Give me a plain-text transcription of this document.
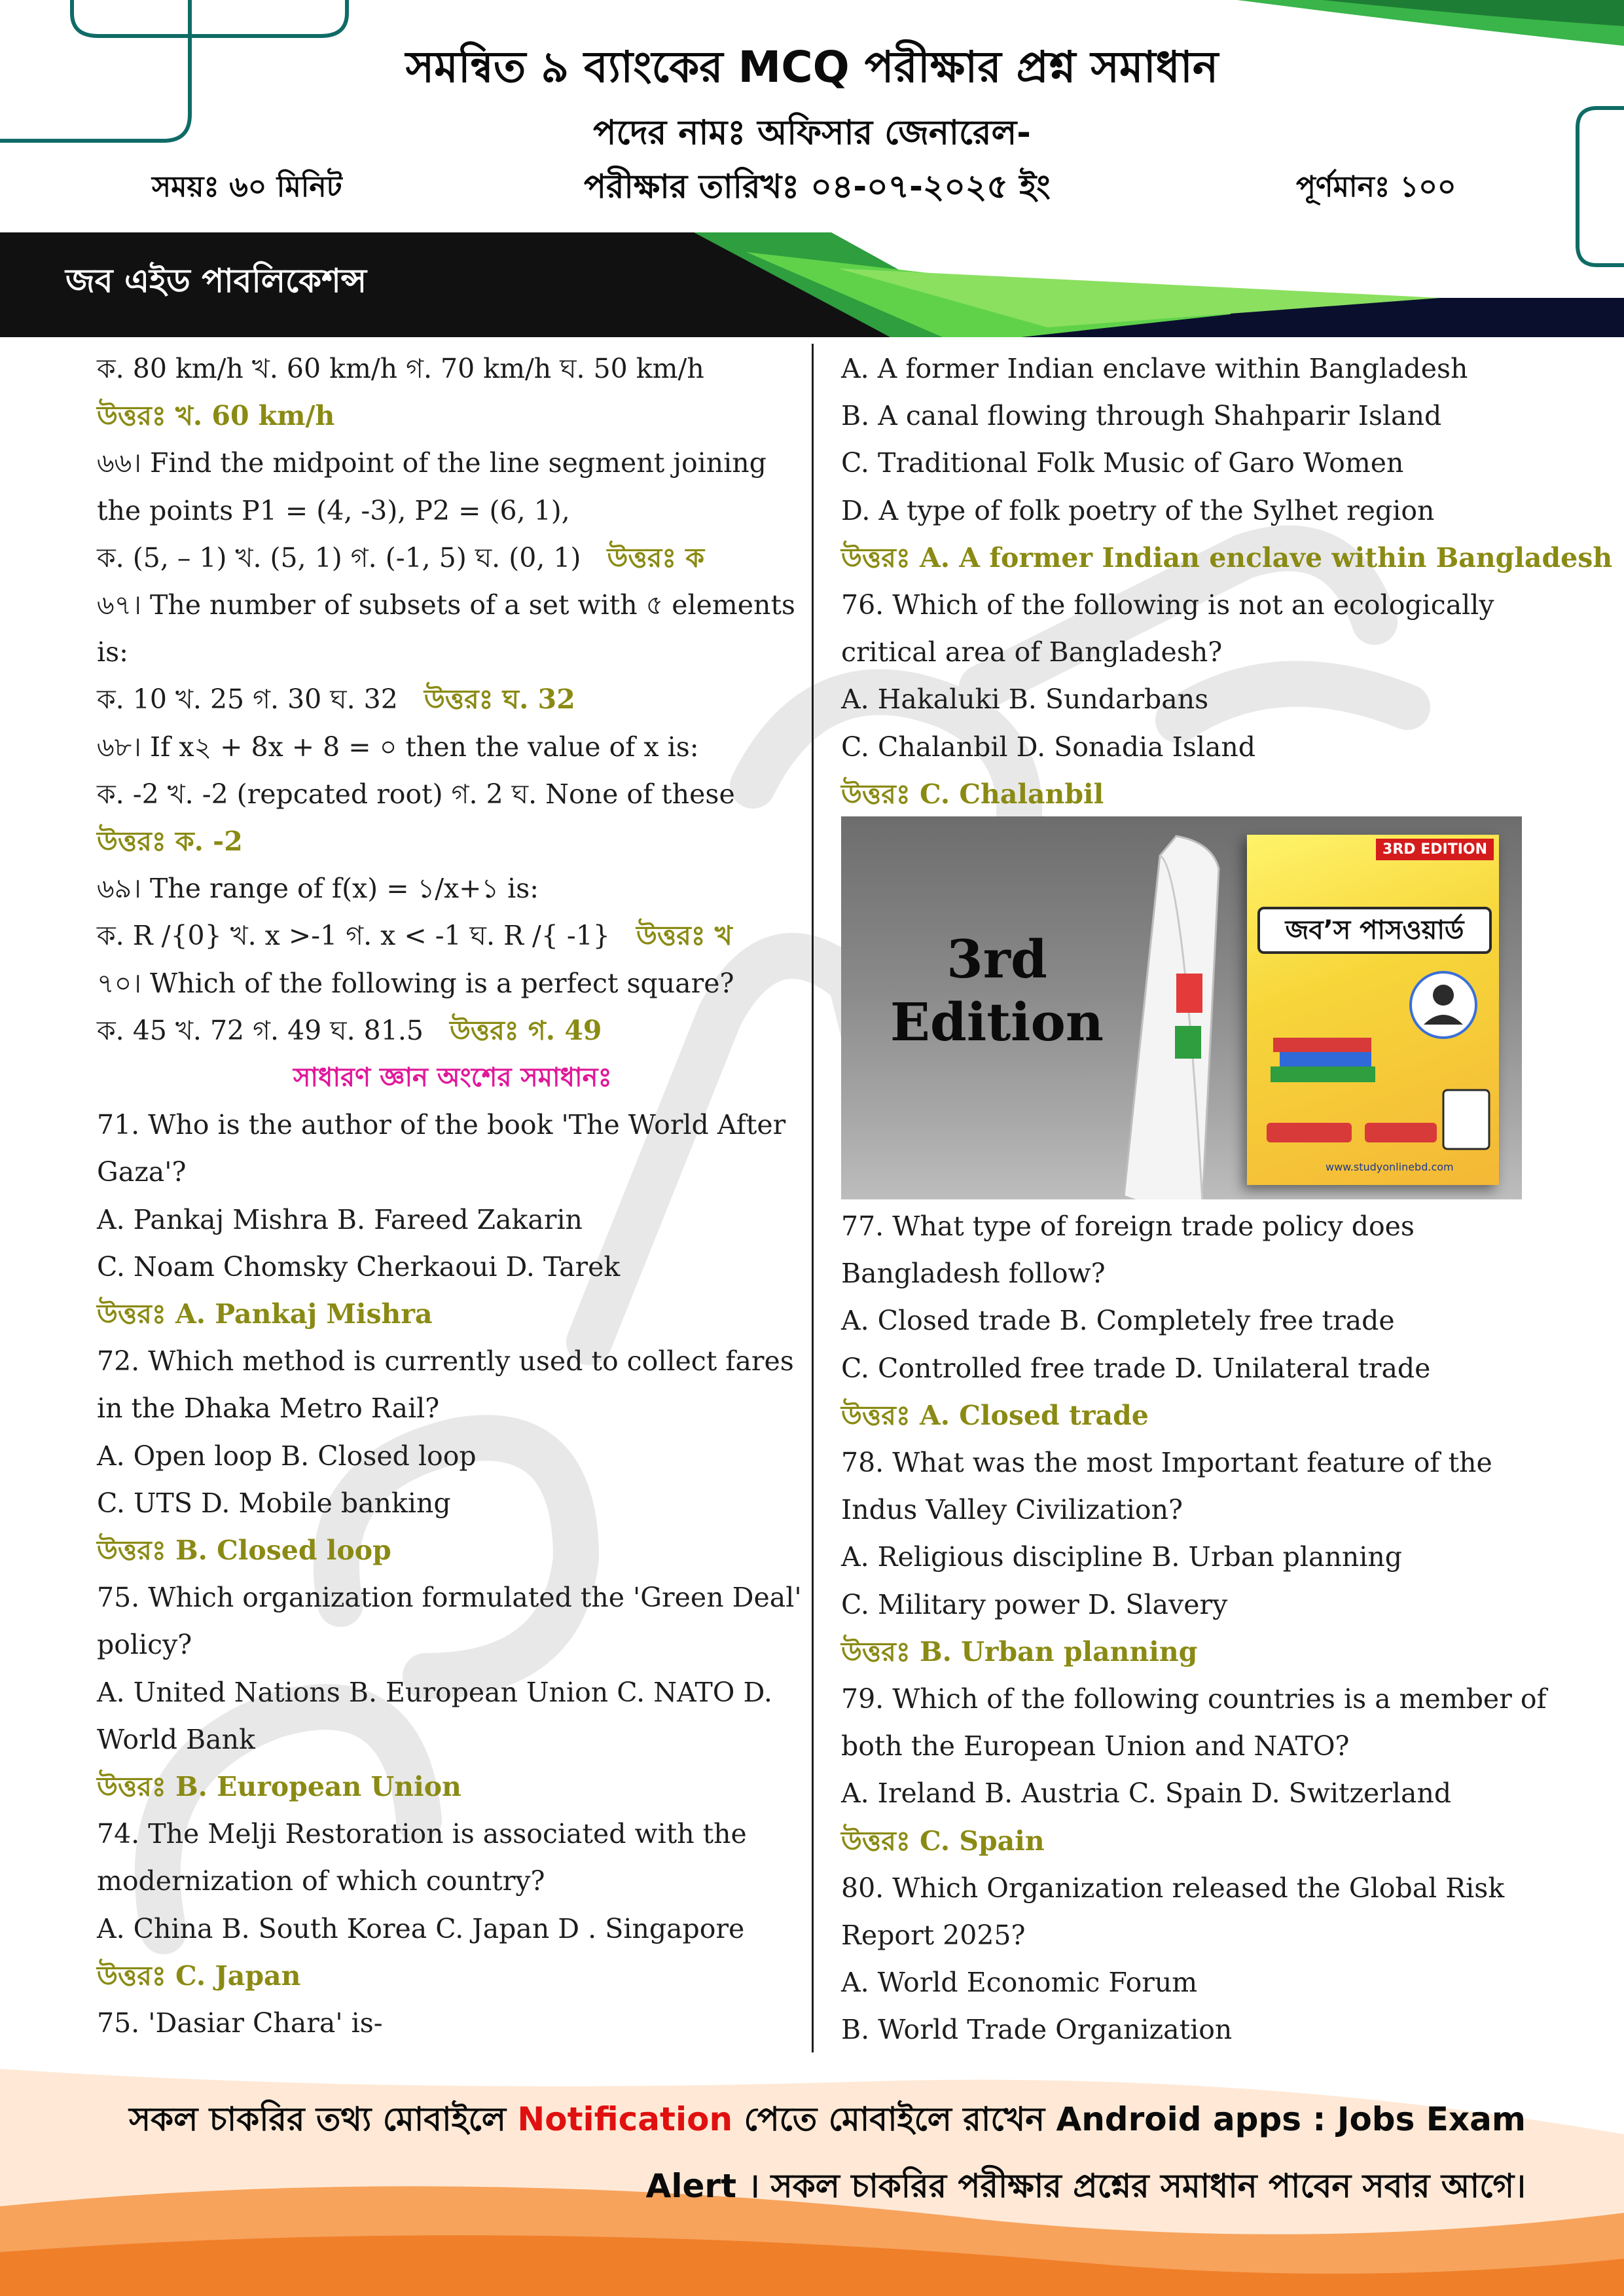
সমন্বিত ৯ ব্যাংকের MCQ পরীক্ষার প্রশ্ন সমাধান
পদের নামঃ অফিসার জেনারেল-
সময়ঃ ৬০ মিনিট	পরীক্ষার তারিখঃ ০৪-০৭-২০২৫ ইং	পূর্ণমানঃ ১০০
জব এইড পাবলিকেশন্স
ক. 80 km/h খ. 60 km/h গ. 70 km/h ঘ. 50 km/h
উত্তরঃ খ. 60 km/h
৬৬। Find the midpoint of the line segment joining
the points P1 = (4, -3), P2 = (6, 1),
ক. (5, – 1) খ. (5, 1) গ. (-1, 5) ঘ. (0, 1) উত্তরঃ ক
৬৭। The number of subsets of a set with ৫ elements
is:
ক. 10 খ. 25 গ. 30 ঘ. 32 উত্তরঃ ঘ. 32
৬৮। If x২ + 8x + 8 = ০ then the value of x is:
ক. -2 খ. -2 (repcated root) গ. 2 ঘ. None of these
উত্তরঃ ক. -2
৬৯। The range of f(x) = ১/x+১ is:
ক. R /{0} খ. x >-1 গ. x < -1 ঘ. R /{ -1} উত্তরঃ খ
৭০। Which of the following is a perfect square?
ক. 45 খ. 72 গ. 49 ঘ. 81.5 উত্তরঃ গ. 49
সাধারণ জ্ঞান অংশের সমাধানঃ
71. Who is the author of the book 'The World After
Gaza'?
A. Pankaj Mishra B. Fareed Zakarin
C. Noam Chomsky Cherkaoui D. Tarek
উত্তরঃ A. Pankaj Mishra
72. Which method is currently used to collect fares
in the Dhaka Metro Rail?
A. Open loop B. Closed loop
C. UTS D. Mobile banking
উত্তরঃ B. Closed loop
75. Which organization formulated the 'Green Deal'
policy?
A. United Nations B. European Union C. NATO D.
World Bank
উত্তরঃ B. European Union
74. The Melji Restoration is associated with the
modernization of which country?
A. China B. South Korea C. Japan D . Singapore
উত্তরঃ C. Japan
75. 'Dasiar Chara' is-
A. A former Indian enclave within Bangladesh
B. A canal flowing through Shahparir Island
C. Traditional Folk Music of Garo Women
D. A type of folk poetry of the Sylhet region
উত্তরঃ A. A former Indian enclave within Bangladesh
76. Which of the following is not an ecologically
critical area of Bangladesh?
A. Hakaluki B. Sundarbans
C. Chalanbil D. Sonadia Island
উত্তরঃ C. Chalanbil
77. What type of foreign trade policy does
Bangladesh follow?
A. Closed trade B. Completely free trade
C. Controlled free trade D. Unilateral trade
উত্তরঃ A. Closed trade
78. What was the most Important feature of the
Indus Valley Civilization?
A. Religious discipline B. Urban planning
C. Military power D. Slavery
উত্তরঃ B. Urban planning
79. Which of the following countries is a member of
both the European Union and NATO?
A. Ireland B. Austria C. Spain D. Switzerland
উত্তরঃ C. Spain
80. Which Organization released the Global Risk
Report 2025?
A. World Economic Forum
B. World Trade Organization
3rd
Edition
3RD EDITION
জব’স পাসওয়ার্ড
www.studyonlinebd.com
সকল চাকরির তথ্য মোবাইলে Notification পেতে মোবাইলে রাখেন Android apps : Jobs Exam
Alert । সকল চাকরির পরীক্ষার প্রশ্নের সমাধান পাবেন সবার আগে।
